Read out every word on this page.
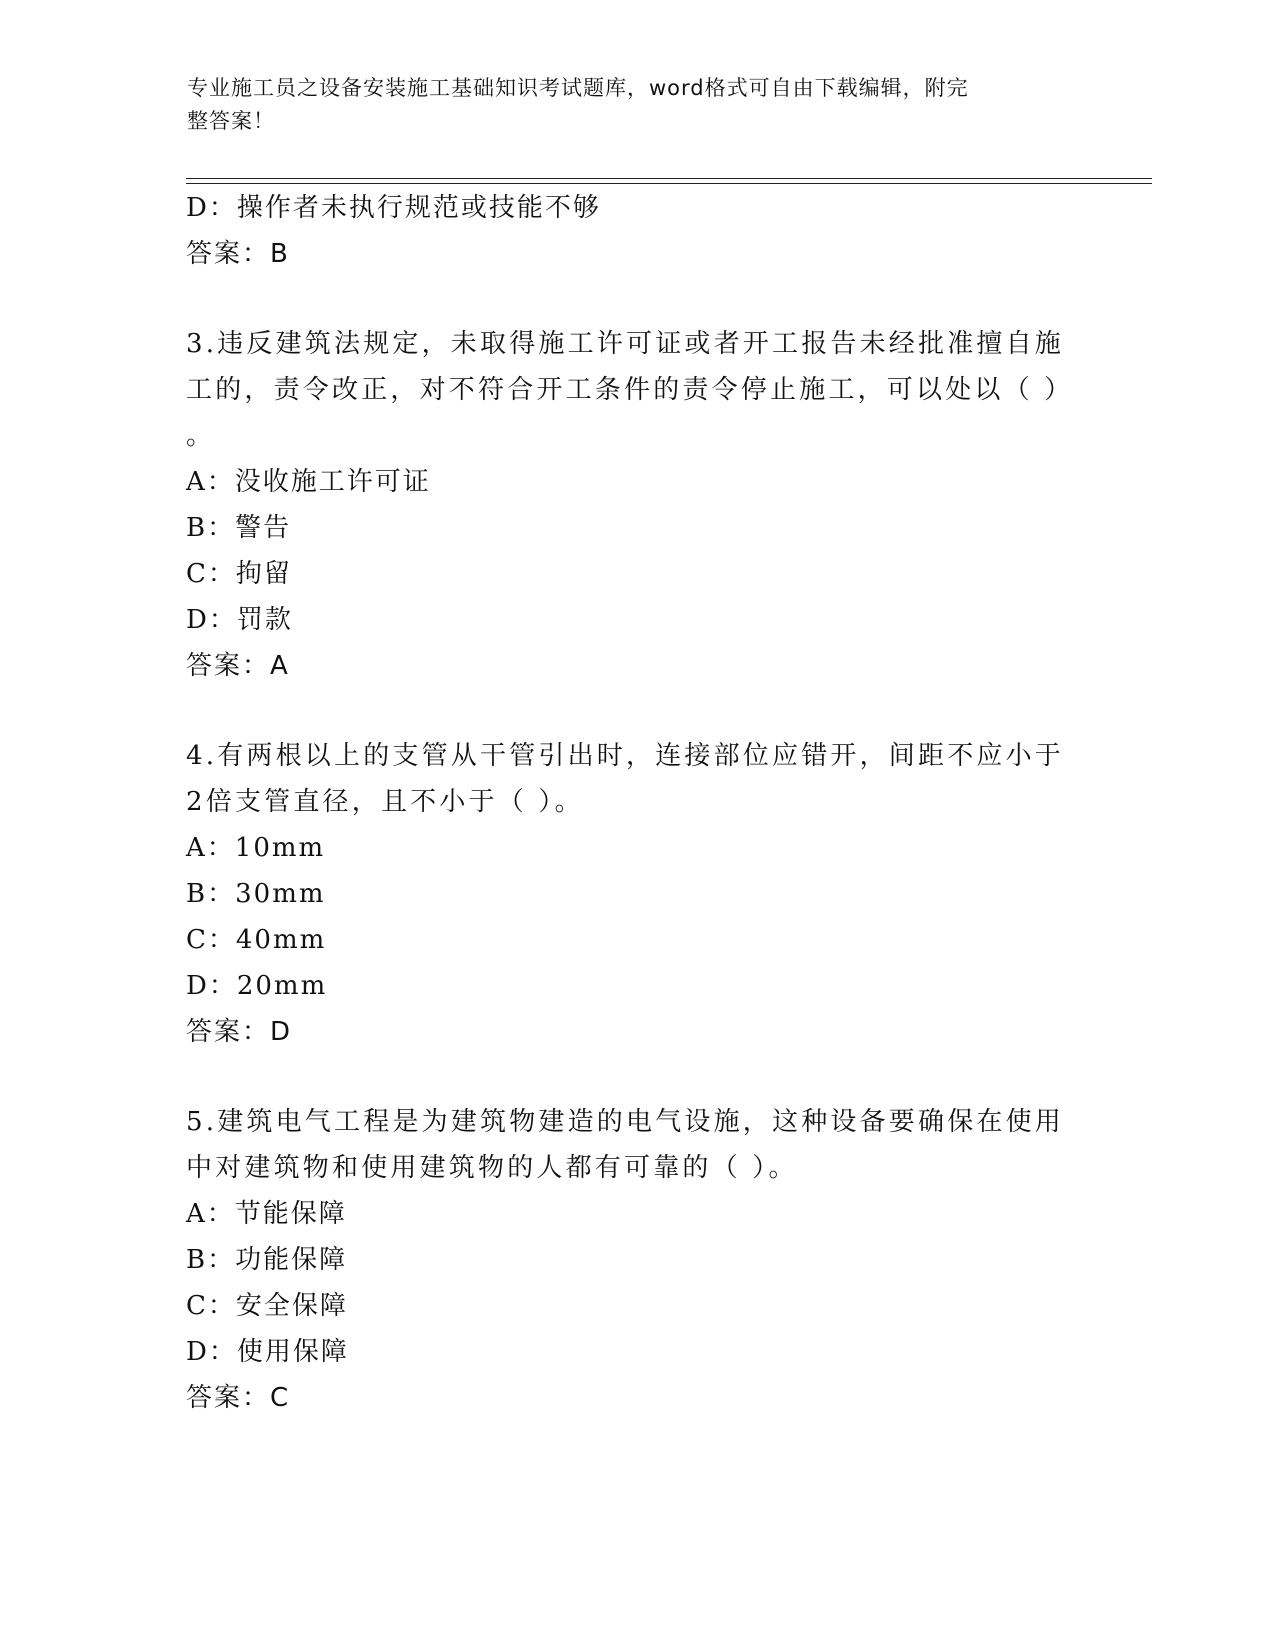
专业施工员之设备安装施工基础知识考试题库，word格式可自由下载编辑，附完
整答案！
D：操作者未执行规范或技能不够
答案：B
3.违反建筑法规定，未取得施工许可证或者开工报告未经批准擅自施
工的，责令改正，对不符合开工条件的责令停止施工，可以处以（ ）
。
A：没收施工许可证
B：警告
C：拘留
D：罚款
答案：A
4.有两根以上的支管从干管引出时，连接部位应错开，间距不应小于
2倍支管直径，且不小于（ ）。
A：10mm
B：30mm
C：40mm
D：20mm
答案：D
5.建筑电气工程是为建筑物建造的电气设施，这种设备要确保在使用
中对建筑物和使用建筑物的人都有可靠的（ ）。
A：节能保障
B：功能保障
C：安全保障
D：使用保障
答案：C
